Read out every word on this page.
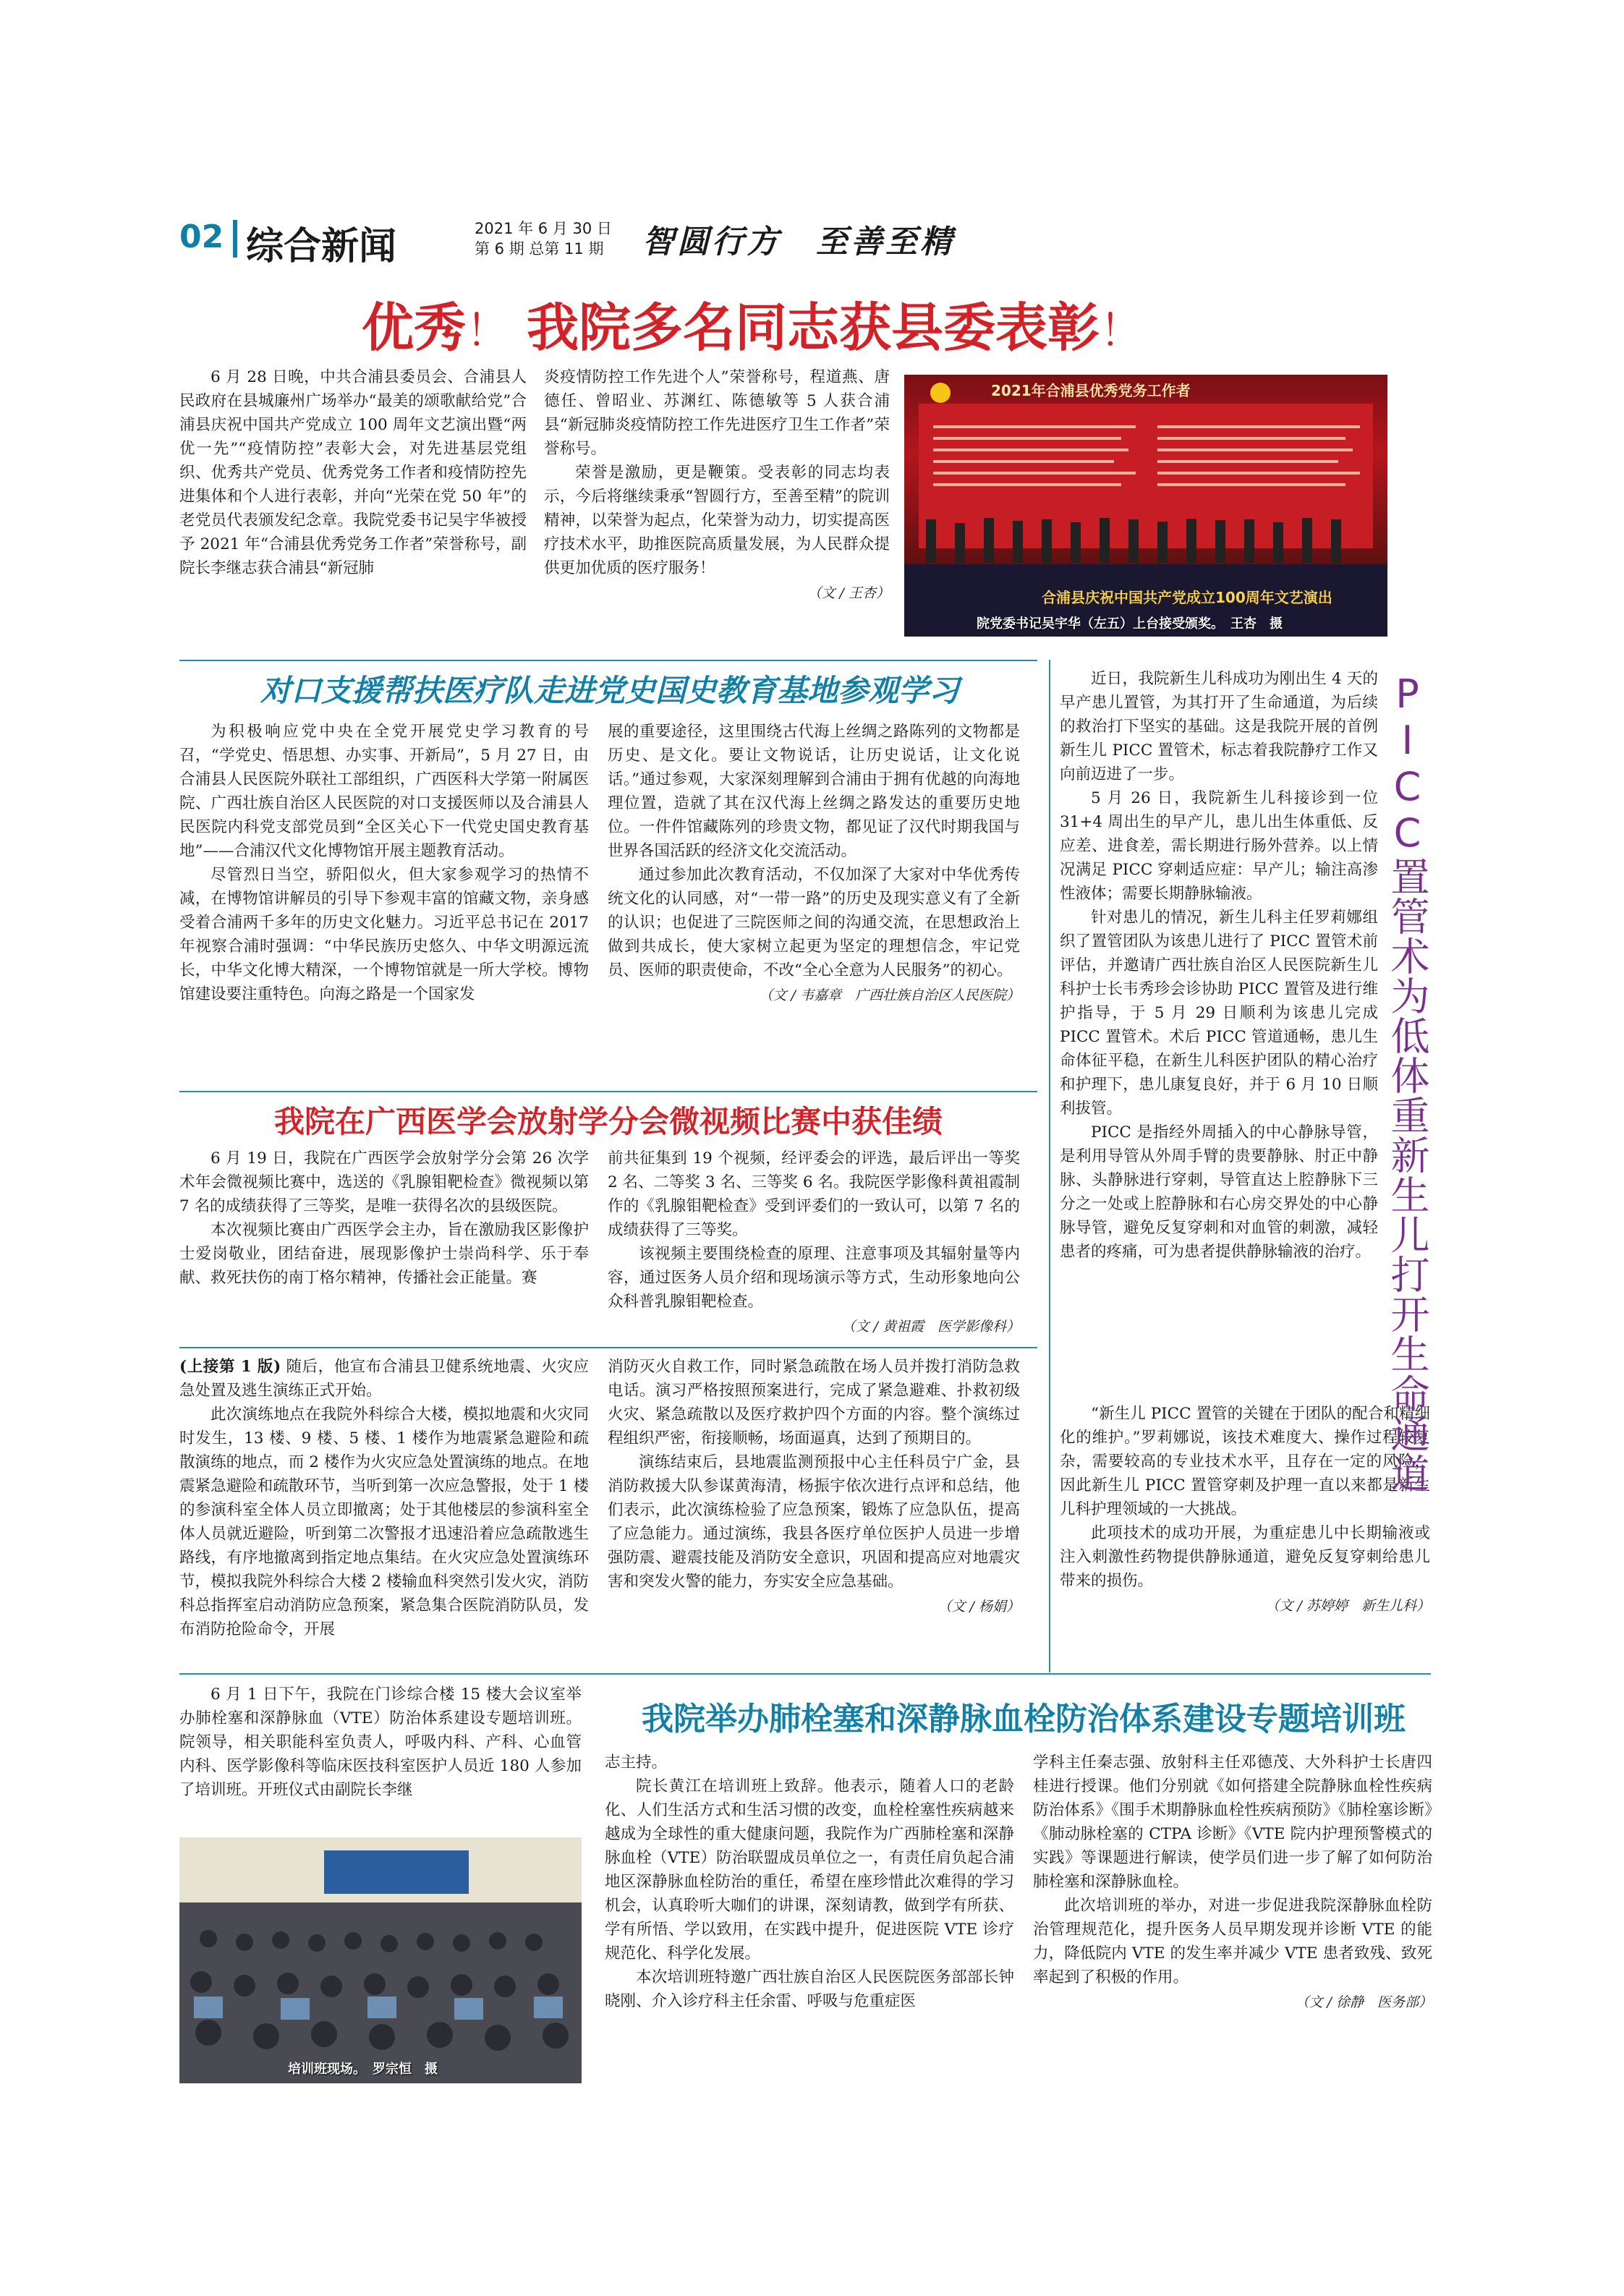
02 综合新闻	2021 年 6 月 30 日
第 6 期 总第 11 期 智圆行方　至善至精
优秀！ 我院多名同志获县委表彰！

6 月 28 日晚，中共合浦县委员会、合浦县人民政府在县城廉州广场举办“最美的颂歌献给党”合浦县庆祝中国共产党成立 100 周年文艺演出暨“两优一先”“疫情防控”表彰大会，对先进基层党组织、优秀共产党员、优秀党务工作者和疫情防控先进集体和个人进行表彰，并向“光荣在党 50 年”的老党员代表颁发纪念章。我院党委书记吴宇华被授予 2021 年“合浦县优秀党务工作者”荣誉称号，副院长李继志获合浦县“新冠肺

炎疫情防控工作先进个人”荣誉称号，程道燕、唐德任、曾昭业、苏渊红、陈德敏等 5 人获合浦县“新冠肺炎疫情防控工作先进医疗卫生工作者”荣誉称号。

荣誉是激励，更是鞭策。受表彰的同志均表示，今后将继续秉承“智圆行方，至善至精”的院训精神，以荣誉为起点，化荣誉为动力，切实提高医疗技术水平，助推医院高质量发展，为人民群众提供更加优质的医疗服务！

（文 / 王杏）
2021年合浦县优秀党务工作者
合浦县庆祝中国共产党成立100周年文艺演出
院党委书记吴宇华（左五）上台接受颁奖。　王杏　摄
对口支援帮扶医疗队走进党史国史教育基地参观学习

为积极响应党中央在全党开展党史学习教育的号召，“学党史、悟思想、办实事、开新局”，5 月 27 日，由合浦县人民医院外联社工部组织，广西医科大学第一附属医院、广西壮族自治区人民医院的对口支援医师以及合浦县人民医院内科党支部党员到“全区关心下一代党史国史教育基地”——合浦汉代文化博物馆开展主题教育活动。

尽管烈日当空，骄阳似火，但大家参观学习的热情不减，在博物馆讲解员的引导下参观丰富的馆藏文物，亲身感受着合浦两千多年的历史文化魅力。习近平总书记在 2017 年视察合浦时强调：“中华民族历史悠久、中华文明源远流长，中华文化博大精深，一个博物馆就是一所大学校。博物馆建设要注重特色。向海之路是一个国家发

展的重要途径，这里围绕古代海上丝绸之路陈列的文物都是历史、是文化。要让文物说话，让历史说话，让文化说话。”通过参观，大家深刻理解到合浦由于拥有优越的向海地理位置，造就了其在汉代海上丝绸之路发达的重要历史地位。一件件馆藏陈列的珍贵文物，都见证了汉代时期我国与世界各国活跃的经济文化交流活动。

通过参加此次教育活动，不仅加深了大家对中华优秀传统文化的认同感，对“一带一路”的历史及现实意义有了全新的认识；也促进了三院医师之间的沟通交流，在思想政治上做到共成长，使大家树立起更为坚定的理想信念，牢记党员、医师的职责使命，不改“全心全意为人民服务”的初心。

（文 / 韦嘉章　广西壮族自治区人民医院）
我院在广西医学会放射学分会微视频比赛中获佳绩

6 月 19 日，我院在广西医学会放射学分会第 26 次学术年会微视频比赛中，选送的《乳腺钼靶检查》微视频以第 7 名的成绩获得了三等奖，是唯一获得名次的县级医院。

本次视频比赛由广西医学会主办，旨在激励我区影像护士爱岗敬业，团结奋进，展现影像护士崇尚科学、乐于奉献、救死扶伤的南丁格尔精神，传播社会正能量。赛

前共征集到 19 个视频，经评委会的评选，最后评出一等奖 2 名、二等奖 3 名、三等奖 6 名。我院医学影像科黄祖霞制作的《乳腺钼靶检查》受到评委们的一致认可，以第 7 名的成绩获得了三等奖。

该视频主要围绕检查的原理、注意事项及其辐射量等内容，通过医务人员介绍和现场演示等方式，生动形象地向公众科普乳腺钼靶检查。

（文 / 黄祖霞　医学影像科）

(上接第 1 版) 随后，他宣布合浦县卫健系统地震、火灾应急处置及逃生演练正式开始。

此次演练地点在我院外科综合大楼，模拟地震和火灾同时发生，13 楼、9 楼、5 楼、1 楼作为地震紧急避险和疏散演练的地点，而 2 楼作为火灾应急处置演练的地点。在地震紧急避险和疏散环节，当听到第一次应急警报，处于 1 楼的参演科室全体人员立即撤离；处于其他楼层的参演科室全体人员就近避险，听到第二次警报才迅速沿着应急疏散逃生路线，有序地撤离到指定地点集结。在火灾应急处置演练环节，模拟我院外科综合大楼 2 楼输血科突然引发火灾，消防科总指挥室启动消防应急预案，紧急集合医院消防队员，发布消防抢险命令，开展

消防灭火自救工作，同时紧急疏散在场人员并拨打消防急救电话。演习严格按照预案进行，完成了紧急避难、扑救初级火灾、紧急疏散以及医疗救护四个方面的内容。整个演练过程组织严密，衔接顺畅，场面逼真，达到了预期目的。

演练结束后，县地震监测预报中心主任科员宁广金，县消防救援大队参谋黄海清，杨振宇依次进行点评和总结，他们表示，此次演练检验了应急预案，锻炼了应急队伍，提高了应急能力。通过演练，我县各医疗单位医护人员进一步增强防震、避震技能及消防安全意识，巩固和提高应对地震灾害和突发火警的能力，夯实安全应急基础。

（文 / 杨娟）

近日，我院新生儿科成功为刚出生 4 天的早产患儿置管，为其打开了生命通道，为后续的救治打下坚实的基础。这是我院开展的首例新生儿 PICC 置管术，标志着我院静疗工作又向前迈进了一步。

5 月 26 日，我院新生儿科接诊到一位 31+4 周出生的早产儿，患儿出生体重低、反应差、进食差，需长期进行肠外营养。以上情况满足 PICC 穿刺适应症：早产儿；输注高渗性液体；需要长期静脉输液。

针对患儿的情况，新生儿科主任罗莉娜组织了置管团队为该患儿进行了 PICC 置管术前评估，并邀请广西壮族自治区人民医院新生儿科护士长韦秀珍会诊协助 PICC 置管及进行维护指导，于 5 月 29 日顺利为该患儿完成 PICC 置管术。术后 PICC 管道通畅，患儿生命体征平稳，在新生儿科医护团队的精心治疗和护理下，患儿康复良好，并于 6 月 10 日顺利拔管。

PICC 是指经外周插入的中心静脉导管，是利用导管从外周手臂的贵要静脉、肘正中静脉、头静脉进行穿刺，导管直达上腔静脉下三分之一处或上腔静脉和右心房交界处的中心静脉导管，避免反复穿刺和对血管的刺激，减轻患者的疼痛，可为患者提供静脉输液的治疗。

“新生儿 PICC 置管的关键在于团队的配合和精细化的维护。”罗莉娜说，该技术难度大、操作过程较复杂，需要较高的专业技术水平，且存在一定的风险，因此新生儿 PICC 置管穿刺及护理一直以来都是新生儿科护理领域的一大挑战。

此项技术的成功开展，为重症患儿中长期输液或注入刺激性药物提供静脉通道，避免反复穿刺给患儿带来的损伤。

（文 / 苏婷婷　新生儿科）
PICC置管术为低体重新生儿打开生命通道
我院举办肺栓塞和深静脉血栓防治体系建设专题培训班

6 月 1 日下午，我院在门诊综合楼 15 楼大会议室举办肺栓塞和深静脉血（VTE）防治体系建设专题培训班。院领导，相关职能科室负责人，呼吸内科、产科、心血管内科、医学影像科等临床医技科室医护人员近 180 人参加了培训班。开班仪式由副院长李继

培训班现场。　罗宗恒　摄

志主持。

院长黄江在培训班上致辞。他表示，随着人口的老龄化、人们生活方式和生活习惯的改变，血栓栓塞性疾病越来越成为全球性的重大健康问题，我院作为广西肺栓塞和深静脉血栓（VTE）防治联盟成员单位之一，有责任肩负起合浦地区深静脉血栓防治的重任，希望在座珍惜此次难得的学习机会，认真聆听大咖们的讲课，深刻请教，做到学有所获、学有所悟、学以致用，在实践中提升，促进医院 VTE 诊疗规范化、科学化发展。

本次培训班特邀广西壮族自治区人民医院医务部部长钟晓刚、介入诊疗科主任余雷、呼吸与危重症医

学科主任秦志强、放射科主任邓德茂、大外科护士长唐四桂进行授课。他们分别就《如何搭建全院静脉血栓性疾病防治体系》《围手术期静脉血栓性疾病预防》《肺栓塞诊断》《肺动脉栓塞的 CTPA 诊断》《VTE 院内护理预警模式的实践》等课题进行解读，使学员们进一步了解了如何防治肺栓塞和深静脉血栓。

此次培训班的举办，对进一步促进我院深静脉血栓防治管理规范化，提升医务人员早期发现并诊断 VTE 的能力，降低院内 VTE 的发生率并减少 VTE 患者致残、致死率起到了积极的作用。

（文 / 徐静　医务部）
